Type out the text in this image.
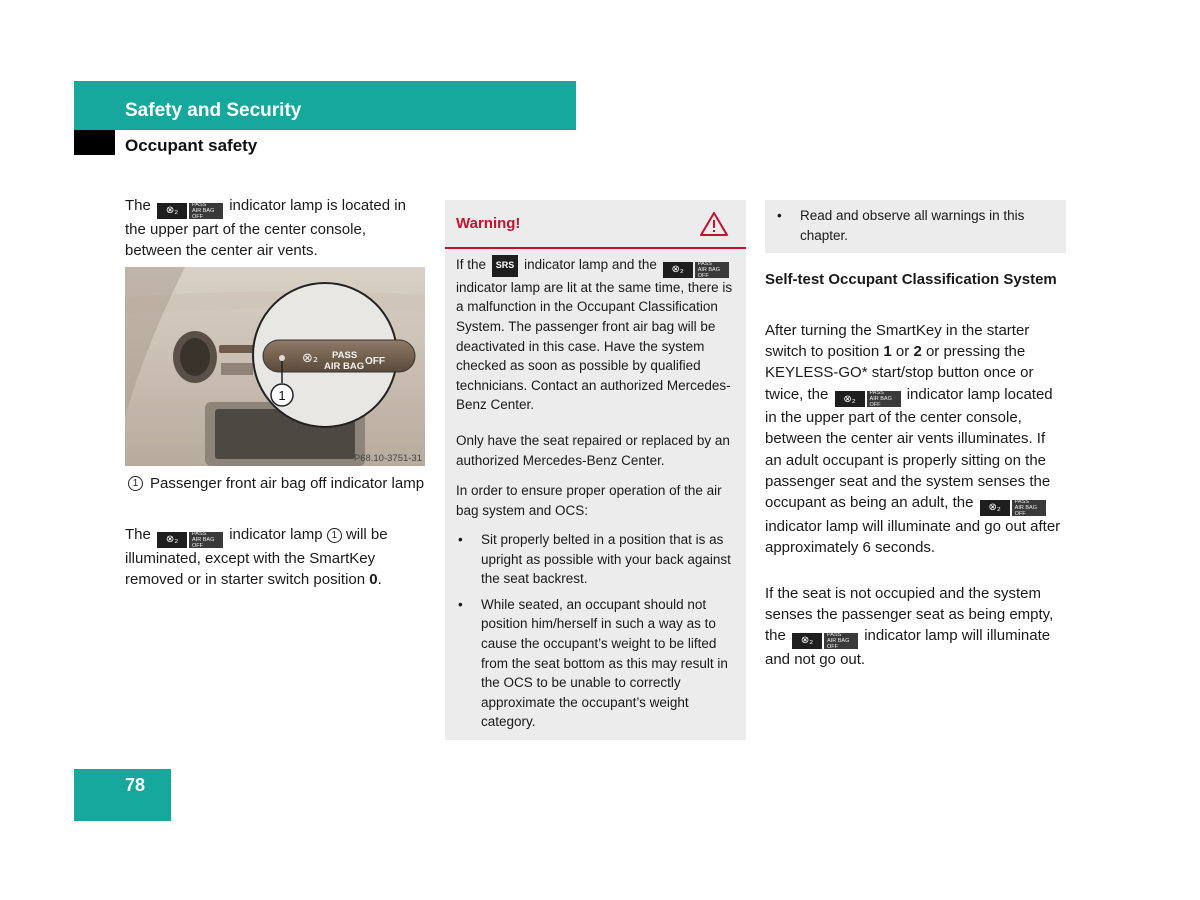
Safety and Security
Occupant safety
The	⊗₂
PASS
AIR BAG OFF
indicator lamp is located in the upper part of the center console, between the center air vents.
⊗₂ PASS
AIR BAG OFF
1
P68.10-3751-31
1 Passenger front air bag off indicator lamp
The	⊗₂
PASS
AIR BAG OFF
indicator lamp 1 will be illuminated, except with the SmartKey removed or in starter switch position 0.
Warning!
If the SRS indicator lamp and the	⊗₂
PASS
AIR BAG OFF
indicator lamp are lit at the same time, there is a malfunction in the Occupant Classification System. The passenger front air bag will be deactivated in this case. Have the system checked as soon as possible by qualified technicians. Contact an authorized Mercedes-Benz Center.
Only have the seat repaired or replaced by an authorized Mercedes-Benz Center.
In order to ensure proper operation of the air bag system and OCS:
• Sit properly belted in a position that is as upright as possible with your back against the seat backrest.
• While seated, an occupant should not position him/herself in such a way as to cause the occupant’s weight to be lifted from the seat bottom as this may result in the OCS to be unable to correctly approximate the occupant’s weight category.
• Read and observe all warnings in this chapter.
Self-test Occupant Classification System
After turning the SmartKey in the starter switch to position 1 or 2 or pressing the KEYLESS-GO* start/stop button once or twice, the	⊗₂
PASS
AIR BAG OFF
indicator lamp located in the upper part of the center console, between the center air vents illuminates. If an adult occupant is properly sitting on the passenger seat and the system senses the occupant as being an adult, the	⊗₂
PASS
AIR BAG OFF
indicator lamp will illuminate and go out after approximately 6 seconds.
If the seat is not occupied and the system senses the passenger seat as being empty, the	⊗₂
PASS
AIR BAG OFF
indicator lamp will illuminate and not go out.
78
